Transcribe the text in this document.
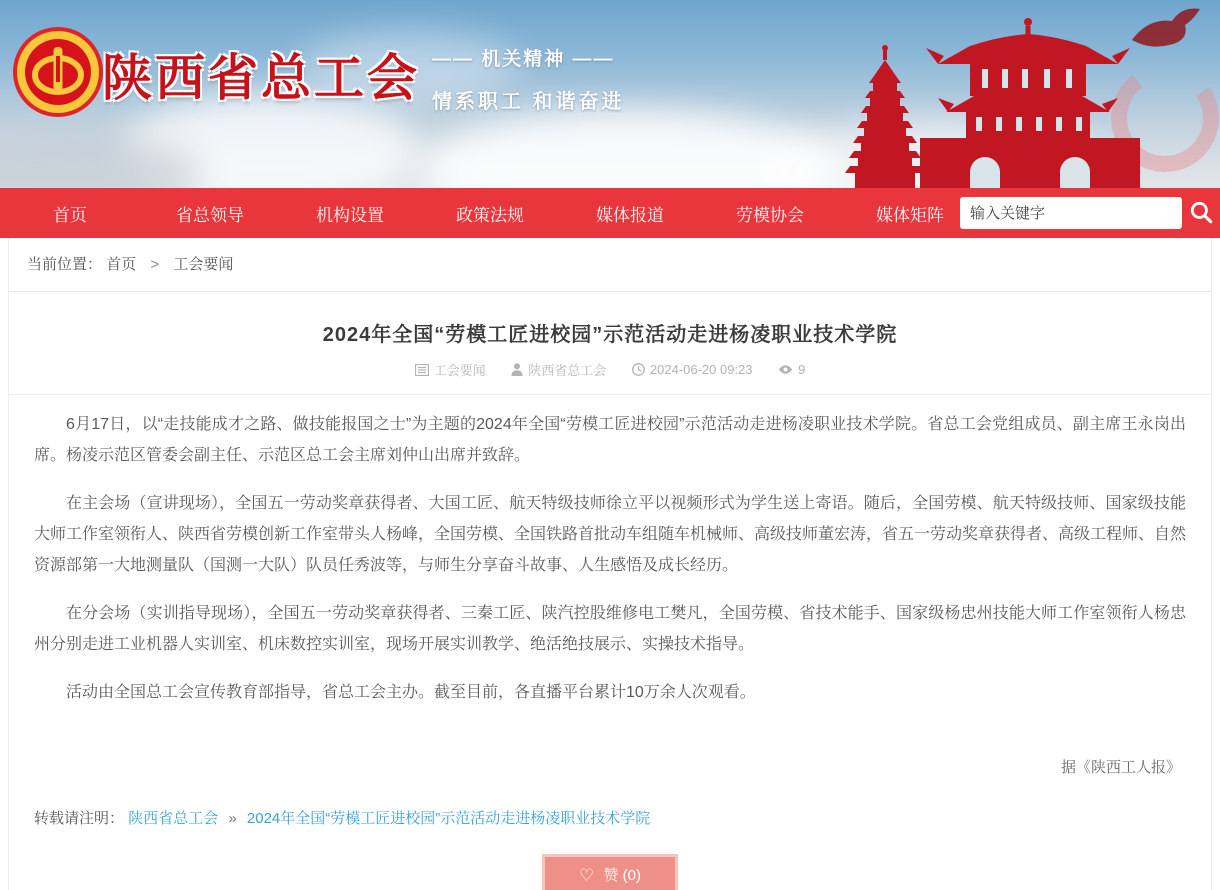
陕西省总工会 —— 机关精神 ——
情系职工 和谐奋进
首页	省总领导	机构设置	政策法规	媒体报道	劳模协会	媒体矩阵
输入关键字
当前位置： 首页 > 工会要闻
2024年全国“劳模工匠进校园”示范活动走进杨凌职业技术学院
工会要闻
	陕西省总工会
	2024-06-20 09:23
	9

6月17日，以“走技能成才之路、做技能报国之士”为主题的2024年全国“劳模工匠进校园”示范活动走进杨凌职业技术学院。省总工会党组成员、副主席王永岗出席。杨凌示范区管委会副主任、示范区总工会主席刘仲山出席并致辞。

在主会场（宣讲现场），全国五一劳动奖章获得者、大国工匠、航天特级技师徐立平以视频形式为学生送上寄语。随后，全国劳模、航天特级技师、国家级技能大师工作室领衔人、陕西省劳模创新工作室带头人杨峰，全国劳模、全国铁路首批动车组随车机械师、高级技师董宏涛，省五一劳动奖章获得者、高级工程师、自然资源部第一大地测量队（国测一大队）队员任秀波等，与师生分享奋斗故事、人生感悟及成长经历。

在分会场（实训指导现场），全国五一劳动奖章获得者、三秦工匠、陕汽控股维修电工樊凡，全国劳模、省技术能手、国家级杨忠州技能大师工作室领衔人杨忠州分别走进工业机器人实训室、机床数控实训室，现场开展实训教学、绝活绝技展示、实操技术指导。

活动由全国总工会宣传教育部指导，省总工会主办。截至目前，各直播平台累计10万余人次观看。

据《陕西工人报》
转载请注明： 陕西省总工会 » 2024年全国“劳模工匠进校园”示范活动走进杨凌职业技术学院
♡ 赞 (0)
